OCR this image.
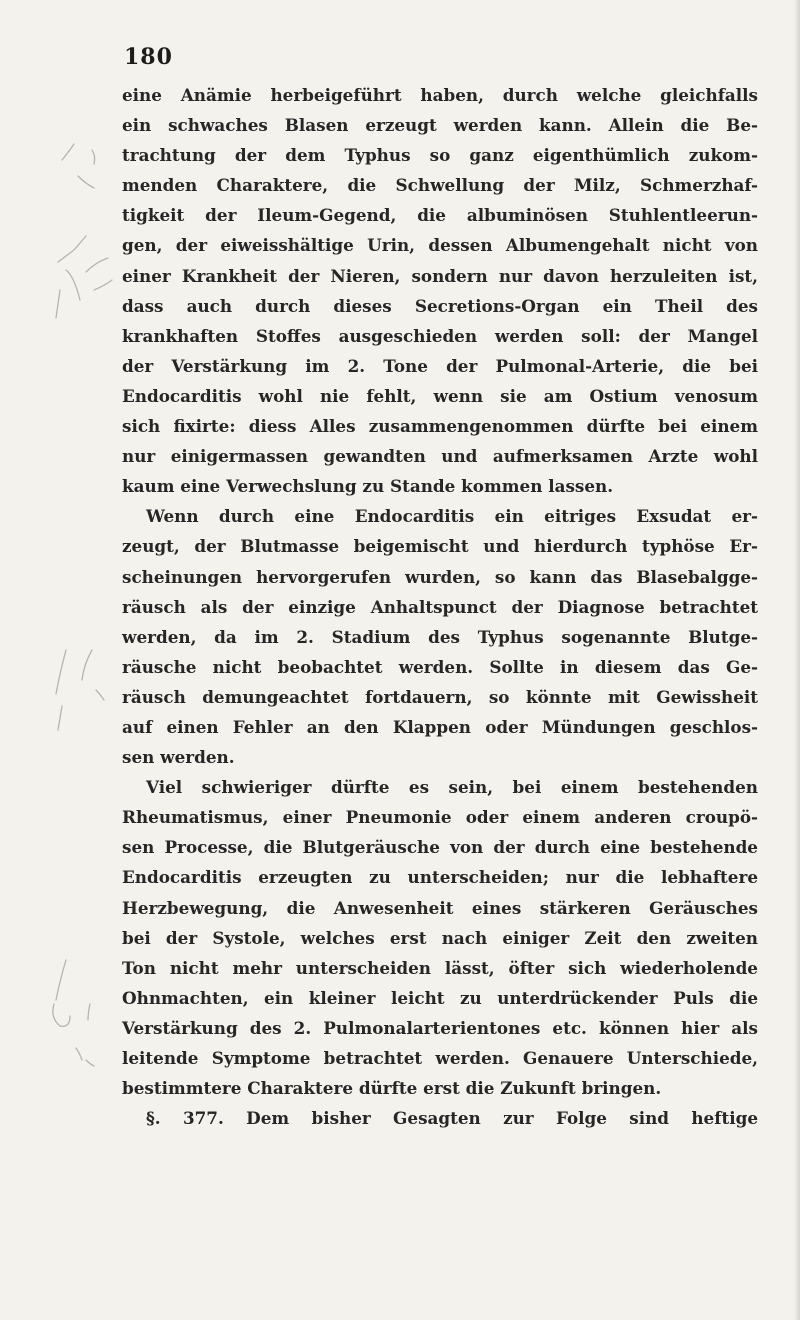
180
eine Anämie herbeigeführt haben, durch welche gleichfalls
ein schwaches Blasen erzeugt werden kann. Allein die Be-
trachtung der dem Typhus so ganz eigenthümlich zukom-
menden Charaktere, die Schwellung der Milz, Schmerzhaf-
tigkeit der Ileum-Gegend, die albuminösen Stuhlentleerun-
gen, der eiweisshältige Urin, dessen Albumengehalt nicht von
einer Krankheit der Nieren, sondern nur davon herzuleiten ist,
dass auch durch dieses Secretions-Organ ein Theil des
krankhaften Stoffes ausgeschieden werden soll: der Mangel
der Verstärkung im 2. Tone der Pulmonal-Arterie, die bei
Endocarditis wohl nie fehlt, wenn sie am Ostium venosum
sich fixirte: diess Alles zusammengenommen dürfte bei einem
nur einigermassen gewandten und aufmerksamen Arzte wohl
kaum eine Verwechslung zu Stande kommen lassen.
Wenn durch eine Endocarditis ein eitriges Exsudat er-
zeugt, der Blutmasse beigemischt und hierdurch typhöse Er-
scheinungen hervorgerufen wurden, so kann das Blasebalgge-
räusch als der einzige Anhaltspunct der Diagnose betrachtet
werden, da im 2. Stadium des Typhus sogenannte Blutge-
räusche nicht beobachtet werden. Sollte in diesem das Ge-
räusch demungeachtet fortdauern, so könnte mit Gewissheit
auf einen Fehler an den Klappen oder Mündungen geschlos-
sen werden.
Viel schwieriger dürfte es sein, bei einem bestehenden
Rheumatismus, einer Pneumonie oder einem anderen croupö-
sen Processe, die Blutgeräusche von der durch eine bestehende
Endocarditis erzeugten zu unterscheiden; nur die lebhaftere
Herzbewegung, die Anwesenheit eines stärkeren Geräusches
bei der Systole, welches erst nach einiger Zeit den zweiten
Ton nicht mehr unterscheiden lässt, öfter sich wiederholende
Ohnmachten, ein kleiner leicht zu unterdrückender Puls die
Verstärkung des 2. Pulmonalarterientones etc. können hier als
leitende Symptome betrachtet werden. Genauere Unterschiede,
bestimmtere Charaktere dürfte erst die Zukunft bringen.
§. 377. Dem bisher Gesagten zur Folge sind heftige
